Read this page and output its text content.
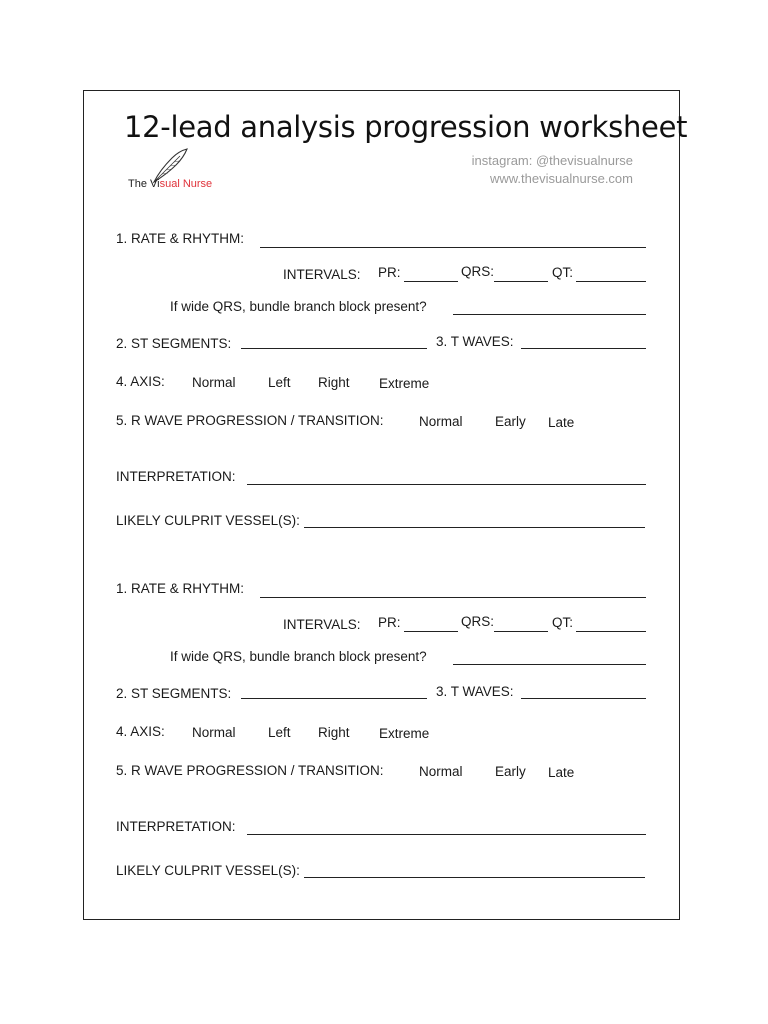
12-lead analysis progression worksheet
instagram: @thevisualnurse
www.thevisualnurse.com
The Visual Nurse
1. RATE & RHYTHM:
INTERVALS: PR:	QRS:	QT:
If wide QRS, bundle branch block present?
2. ST SEGMENTS:	3. T WAVES:
4. AXIS: Normal Left Right Extreme
5. R WAVE PROGRESSION / TRANSITION:	Normal Early Late
INTERPRETATION:
LIKELY CULPRIT VESSEL(S):
1. RATE & RHYTHM:
INTERVALS: PR:	QRS:	QT:
If wide QRS, bundle branch block present?
2. ST SEGMENTS:	3. T WAVES:
4. AXIS: Normal Left Right Extreme
5. R WAVE PROGRESSION / TRANSITION:	Normal Early Late
INTERPRETATION:
LIKELY CULPRIT VESSEL(S):
